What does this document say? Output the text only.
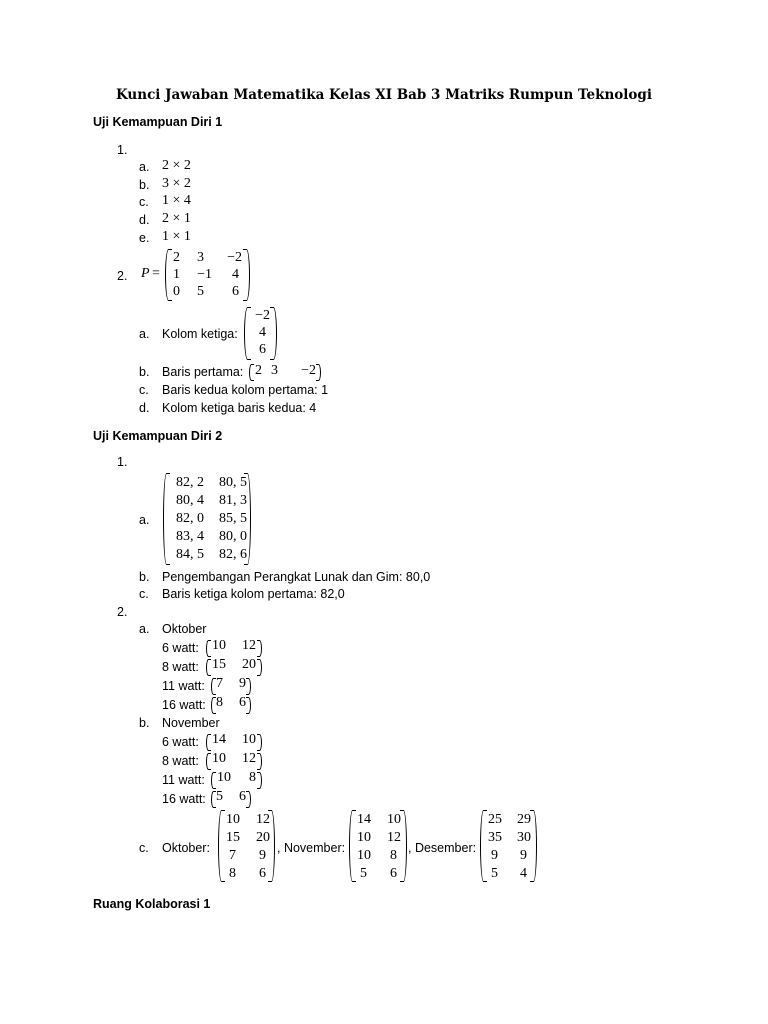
Kunci Jawaban Matematika Kelas XI Bab 3 Matriks Rumpun Teknologi
Uji Kemampuan Diri 1
1.
a. 2 × 2
b. 3 × 2
c. 1 × 4
d. 2 × 1
e. 1 × 1
2. P =
2	3	−2
1	−1	4
0	5	6
a. Kolom ketiga:
−2
4
6
b. Baris pertama: 2 3	−2
c. Baris kedua kolom pertama: 1
d. Kolom ketiga baris kedua: 4
Uji Kemampuan Diri 2
1.
a.
82, 2	80, 5
80, 4	81, 3
82, 0	85, 5
83, 4	80, 0
84, 5	82, 6
b. Pengembangan Perangkat Lunak dan Gim: 80,0
c. Baris ketiga kolom pertama: 82,0
2.
a. Oktober
6 watt: 10 12
8 watt: 15 20
11 watt: 7 9
16 watt: 8 6
b. November
6 watt: 14 10
8 watt: 10 12
11 watt: 10 8
16 watt: 5 6
c. Oktober:
10 12
15 20
7	9
8	6
, November:
14 10
10 12
10	8
5	6
, Desember:
25 29
35 30
9	9
5	4
Ruang Kolaborasi 1
